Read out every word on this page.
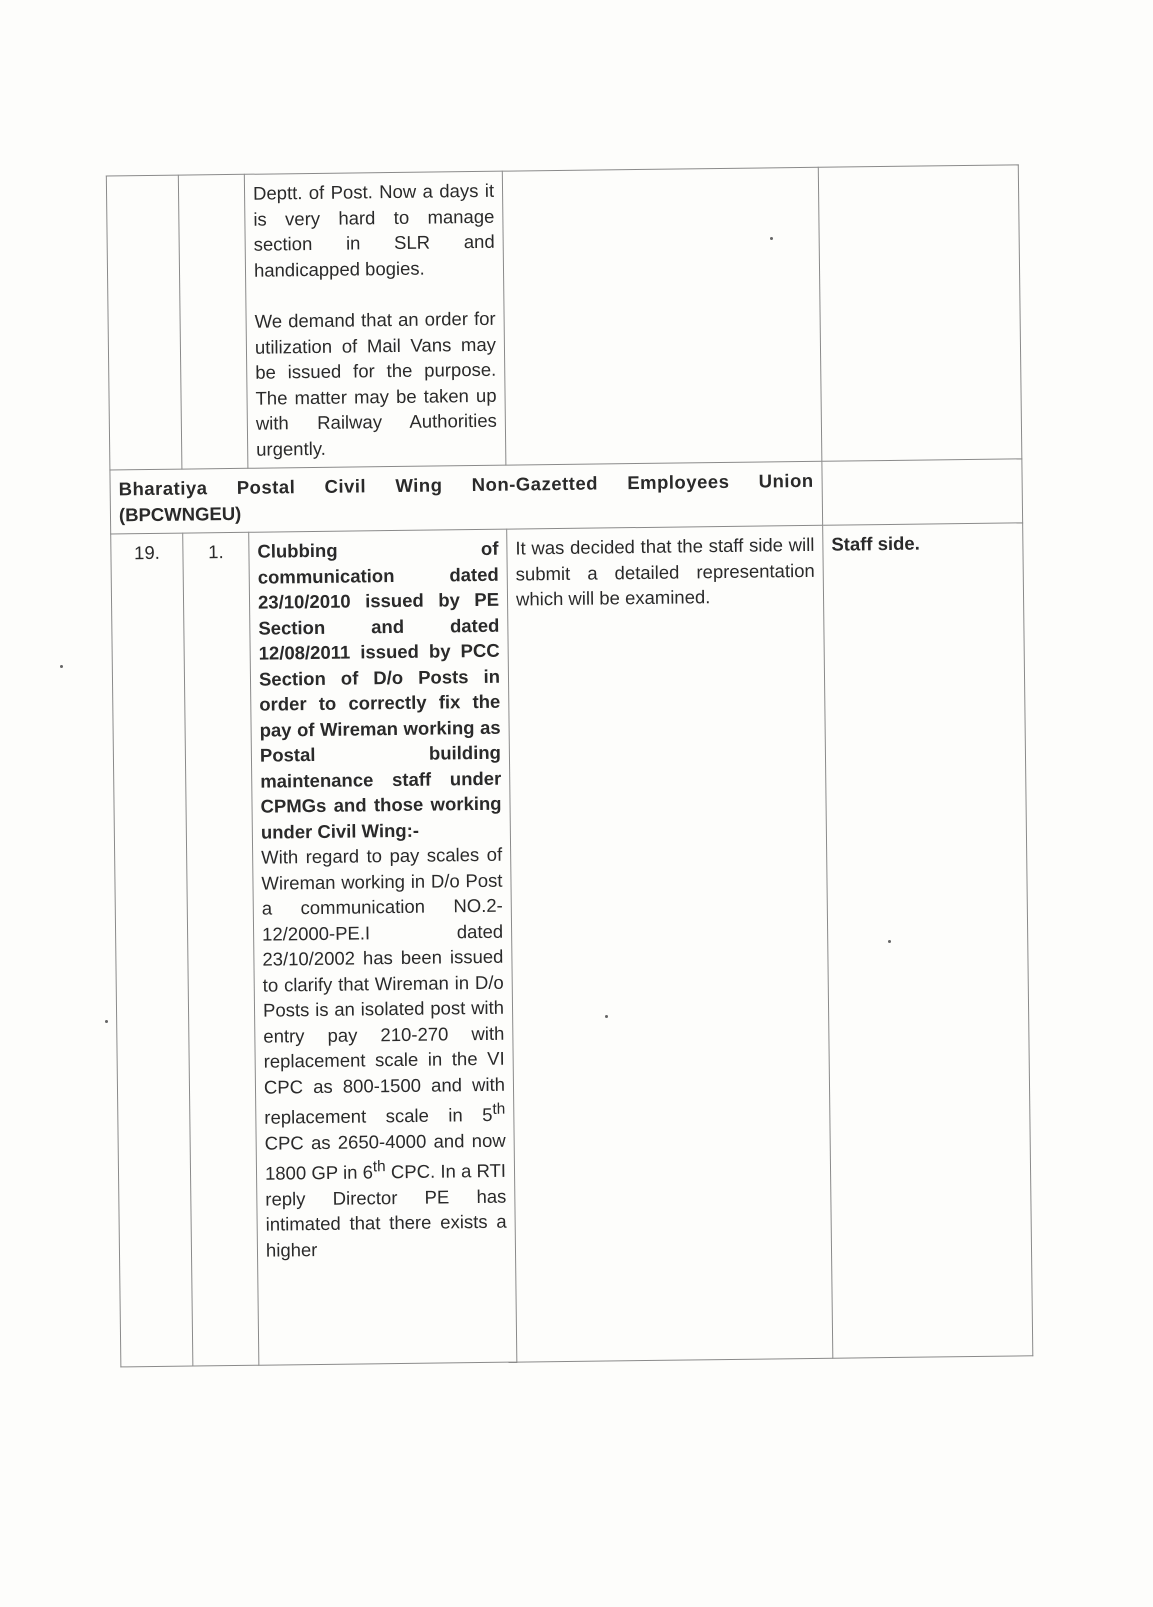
		Deptt. of Post. Now a days it is very hard to manage section in SLR and handicapped bogies.

We demand that an order for utilization of Mail Vans may be issued for the purpose. The matter may be taken up with Railway Authorities urgently.		

Bharatiya Postal Civil Wing Non-Gazetted Employees Union
(BPCWNGEU)				

19.	1.	Clubbing of communication dated 23/10/2010 issued by PE Section and dated 12/08/2011 issued by PCC Section of D/o Posts in order to correctly fix the pay of Wireman working as Postal building maintenance staff under CPMGs and those working under Civil Wing:-
With regard to pay scales of Wireman working in D/o Post a communication NO.2-12/2000-PE.I dated 23/10/2002 has been issued to clarify that Wireman in D/o Posts is an isolated post with entry pay 210-270 with replacement scale in the VI CPC as 800-1500 and with replacement scale in 5th CPC as 2650-4000 and now 1800 GP in 6th CPC. In a RTI reply Director PE has intimated that there exists a higher	It was decided that the staff side will submit a detailed representation which will be examined.	Staff side.
